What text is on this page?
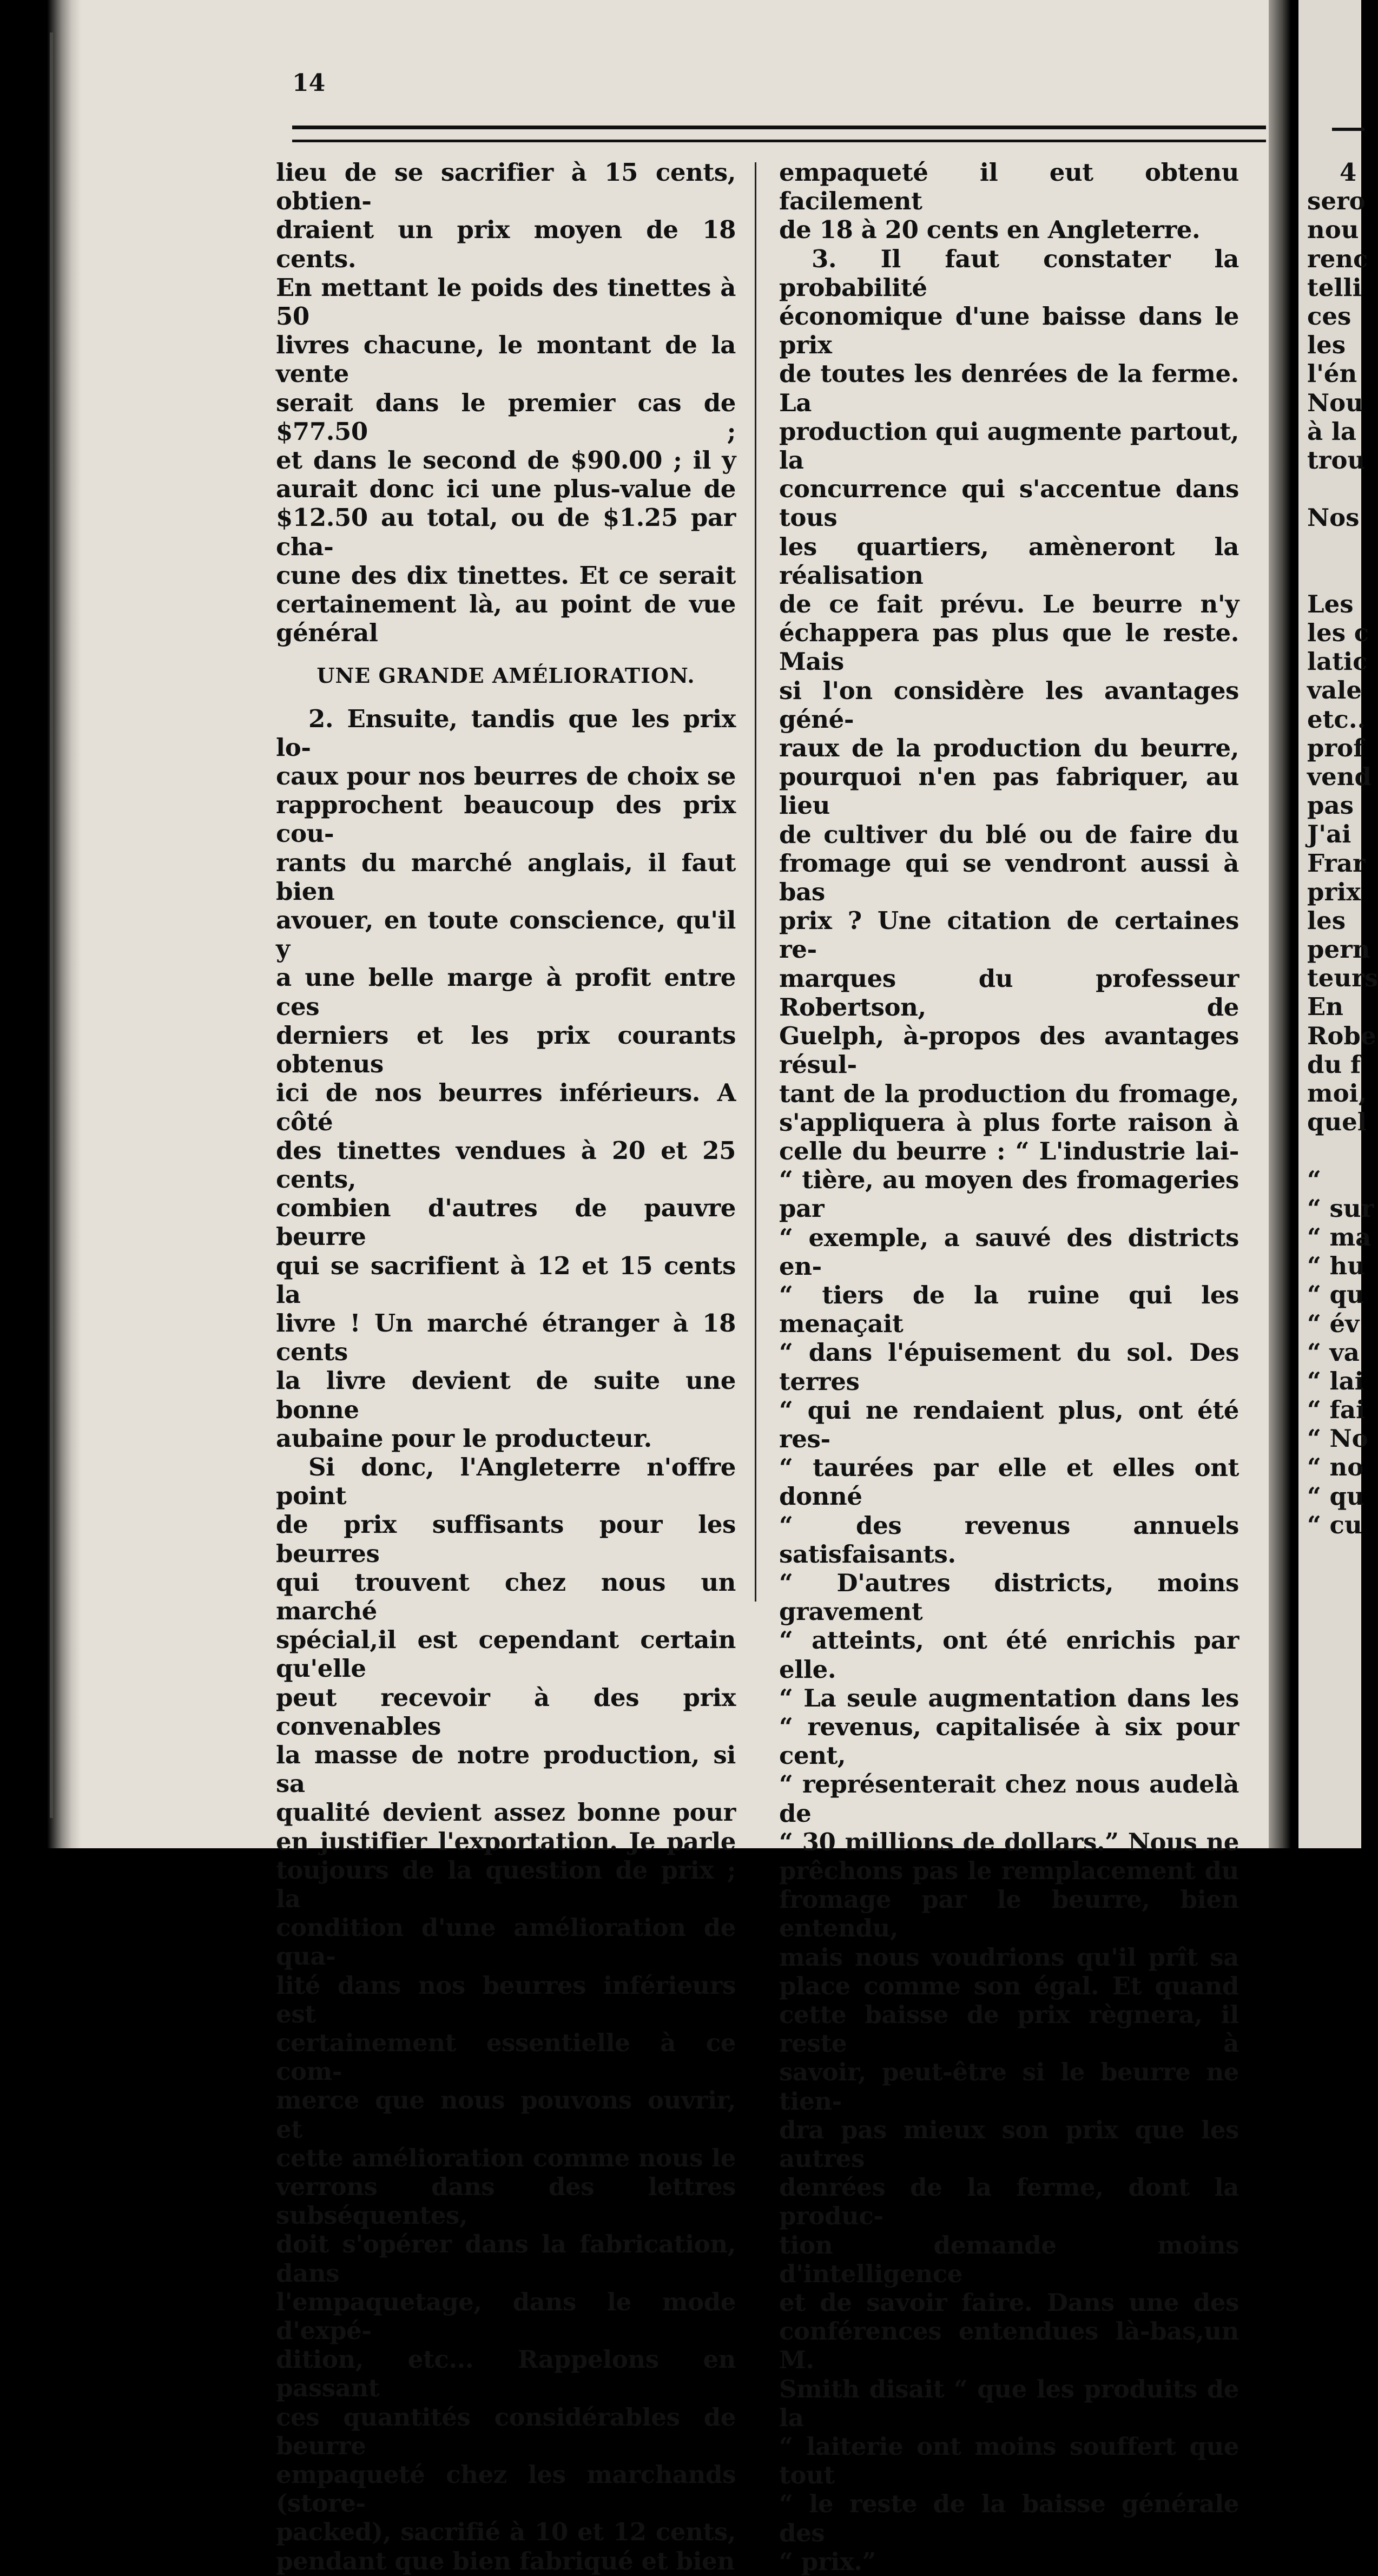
14

lieu de se sacrifier à 15 cents, obtien-

draient un prix moyen de 18 cents.

En mettant le poids des tinettes à 50

livres chacune, le montant de la vente

serait dans le premier cas de $77.50 ;

et dans le second de $90.00 ; il y

aurait donc ici une plus-value de

$12.50 au total, ou de $1.25 par cha-

cune des dix tinettes. Et ce serait

certainement là, au point de vue

général

UNE GRANDE AMÉLIORATION.

2. Ensuite, tandis que les prix lo-

caux pour nos beurres de choix se

rapprochent beaucoup des prix cou-

rants du marché anglais, il faut bien

avouer, en toute conscience, qu'il y

a une belle marge à profit entre ces

derniers et les prix courants obtenus

ici de nos beurres inférieurs. A côté

des tinettes vendues à 20 et 25 cents,

combien d'autres de pauvre beurre

qui se sacrifient à 12 et 15 cents la

livre ! Un marché étranger à 18 cents

la livre devient de suite une bonne

aubaine pour le producteur.

Si donc, l'Angleterre n'offre point

de prix suffisants pour les beurres

qui trouvent chez nous un marché

spécial,il est cependant certain qu'elle

peut recevoir à des prix convenables

la masse de notre production, si sa

qualité devient assez bonne pour

en justifier l'exportation. Je parle

toujours de la question de prix ; la

condition d'une amélioration de qua-

lité dans nos beurres inférieurs est

certainement essentielle à ce com-

merce que nous pouvons ouvrir, et

cette amélioration comme nous le

verrons dans des lettres subséquentes,

doit s'opérer dans la fabrication, dans

l'empaquetage, dans le mode d'expé-

dition, etc... Rappelons en passant

ces quantités considérables de beurre

empaqueté chez les marchands (store-

packed), sacrifié à 10 et 12 cents,

pendant que bien fabriqué et bien

empaqueté il eut obtenu facilement

de 18 à 20 cents en Angleterre.

3. Il faut constater la probabilité

économique d'une baisse dans le prix

de toutes les denrées de la ferme. La

production qui augmente partout, la

concurrence qui s'accentue dans tous

les quartiers, amèneront la réalisation

de ce fait prévu. Le beurre n'y

échappera pas plus que le reste. Mais

si l'on considère les avantages géné-

raux de la production du beurre,

pourquoi n'en pas fabriquer, au lieu

de cultiver du blé ou de faire du

fromage qui se vendront aussi à bas

prix ? Une citation de certaines re-

marques du professeur Robertson, de

Guelph, à-propos des avantages résul-

tant de la production du fromage,

s'appliquera à plus forte raison à

celle du beurre : “ L'industrie lai-

“ tière, au moyen des fromageries par

“ exemple, a sauvé des districts en-

“ tiers de la ruine qui les menaçait

“ dans l'épuisement du sol. Des terres

“ qui ne rendaient plus, ont été res-

“ taurées par elle et elles ont donné

“ des revenus annuels satisfaisants.

“ D'autres districts, moins gravement

“ atteints, ont été enrichis par elle.

“ La seule augmentation dans les

“ revenus, capitalisée à six pour cent,

“ représenterait chez nous audelà de

“ 30 millions de dollars.” Nous ne

prêchons pas le remplacement du

fromage par le beurre, bien entendu,

mais nous voudrions qu'il prît sa

place comme son égal. Et quand

cette baisse de prix règnera, il reste à

savoir, peut-être si le beurre ne tien-

dra pas mieux son prix que les autres

denrées de la ferme, dont la produc-

tion demande moins d'intelligence

et de savoir faire. Dans une des

conférences entendues là-bas,un M.

Smith disait “ que les produits de la

“ laiterie ont moins souffert que tout

“ le reste de la baisse générale des

“ prix.”

4
sero
nou
renc
telli
ces
les
l'én
Nou
à la
trou
Nos
Les
les c
latic
vale
etc..
prof
vend
pas
J'ai
Frar
prix
les
pern
teurs
En
Robe
du f
moi,
quel
“
“ sur
“ ma
“ hu
“ qu
“ év
“ va
“ lai
“ fai
“ No
“ no
“ qu
“ cu
